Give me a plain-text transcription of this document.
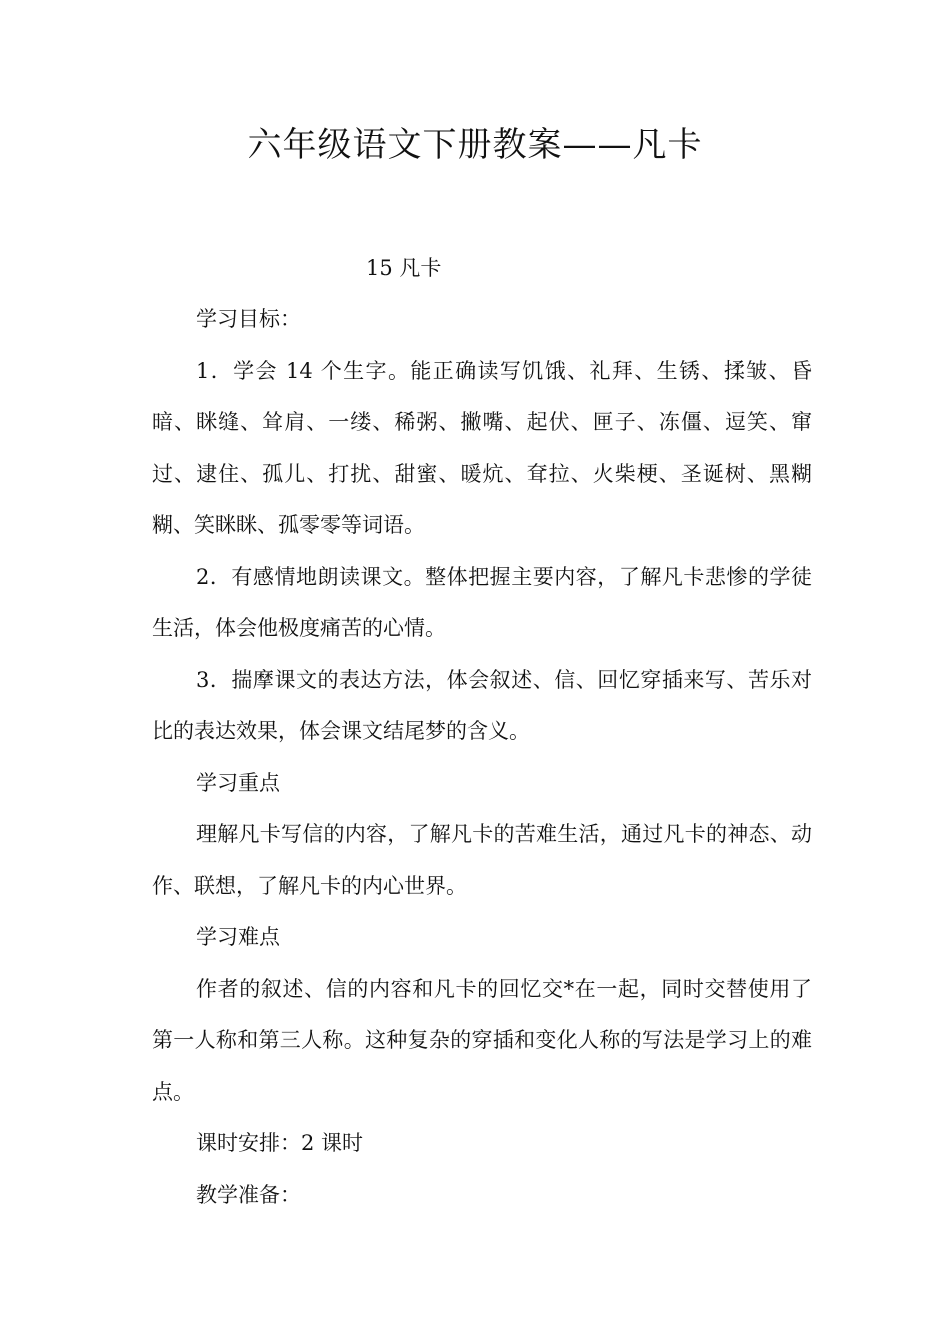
六年级语文下册教案——凡卡

15 凡卡

学习目标：

1．学会 14 个生字。能正确读写饥饿、礼拜、生锈、揉皱、昏暗、眯缝、耸肩、一缕、稀粥、撇嘴、起伏、匣子、冻僵、逗笑、窜过、逮住、孤儿、打扰、甜蜜、暖炕、耷拉、火柴梗、圣诞树、黑糊糊、笑眯眯、孤零零等词语。

2．有感情地朗读课文。整体把握主要内容，了解凡卡悲惨的学徒生活，体会他极度痛苦的心情。

3．揣摩课文的表达方法，体会叙述、信、回忆穿插来写、苦乐对比的表达效果，体会课文结尾梦的含义。

学习重点

理解凡卡写信的内容，了解凡卡的苦难生活，通过凡卡的神态、动作、联想，了解凡卡的内心世界。

学习难点

作者的叙述、信的内容和凡卡的回忆交*在一起，同时交替使用了第一人称和第三人称。这种复杂的穿插和变化人称的写法是学习上的难点。

课时安排：2 课时

教学准备：
